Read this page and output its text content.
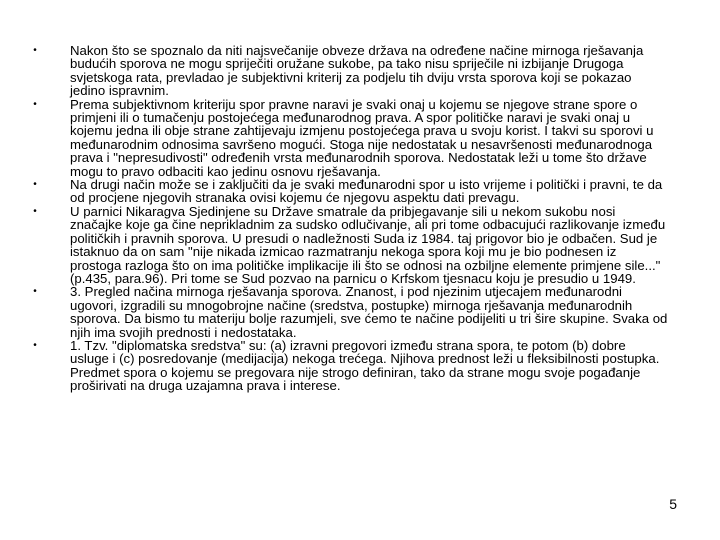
•	Nakon što se spoznalo da niti najsvečanije obveze država na određene načine mirnoga rješavanja budućih sporova ne mogu spriječiti oružane sukobe, pa tako nisu spriječile ni izbijanje Drugoga svjetskoga rata, prevladao je subjektivni kriterij za podjelu tih dviju vrsta sporova koji se pokazao jedino ispravnim.
•	Prema subjektivnom kriteriju spor pravne naravi je svaki onaj u kojemu se njegove strane spore o primjeni ili o tumačenju postojećega međunarodnog prava. A spor političke naravi je svaki onaj u kojemu jedna ili obje strane zahtijevaju izmjenu postojećega prava u svoju korist. I takvi su sporovi u međunarodnim odnosima savršeno mogući. Stoga nije nedostatak u nesavršenosti međunarodnoga prava i "nepresudivosti" određenih vrsta međunarodnih sporova. Nedostatak leži u tome što države mogu to pravo odbaciti kao jedinu osnovu rješavanja.
•	Na drugi način može se i zaključiti da je svaki međunarodni spor u isto vrijeme i politički i pravni, te da od procjene njegovih stranaka ovisi kojemu će njegovu aspektu dati prevagu.
•	U parnici Nikaragva Sjedinjene su Države smatrale da pribjegavanje sili u nekom sukobu nosi značajke koje ga čine neprikladnim za sudsko odlučivanje, ali pri tome odbacujući razlikovanje između političkih i pravnih sporova. U presudi o nadležnosti Suda iz 1984. taj prigovor bio je odbačen. Sud je istaknuo da on sam "nije nikada izmicao razmatranju nekoga spora koji mu je bio podnesen iz prostoga razloga što on ima političke implikacije ili što se odnosi na ozbiljne elemente primjene sile..." (p.435, para.96). Pri tome se Sud pozvao na parnicu o Krfskom tjesnacu koju je presudio u 1949.
•	3. Pregled načina mirnoga rješavanja sporova. Znanost, i pod njezinim utjecajem međunarodni ugovori, izgradili su mnogobrojne načine (sredstva, postupke) mirnoga rješavanja međunarodnih sporova. Da bismo tu materiju bolje razumjeli, sve ćemo te načine podijeliti u tri šire skupine. Svaka od njih ima svojih prednosti i nedostataka.
•	1. Tzv. "diplomatska sredstva" su: (a) izravni pregovori između strana spora, te potom (b) dobre usluge i (c) posredovanje (medijacija) nekoga trećega. Njihova prednost leži u fleksibilnosti postupka. Predmet spora o kojemu se pregovara nije strogo definiran, tako da strane mogu svoje pogađanje proširivati na druga uzajamna prava i interese.
5
